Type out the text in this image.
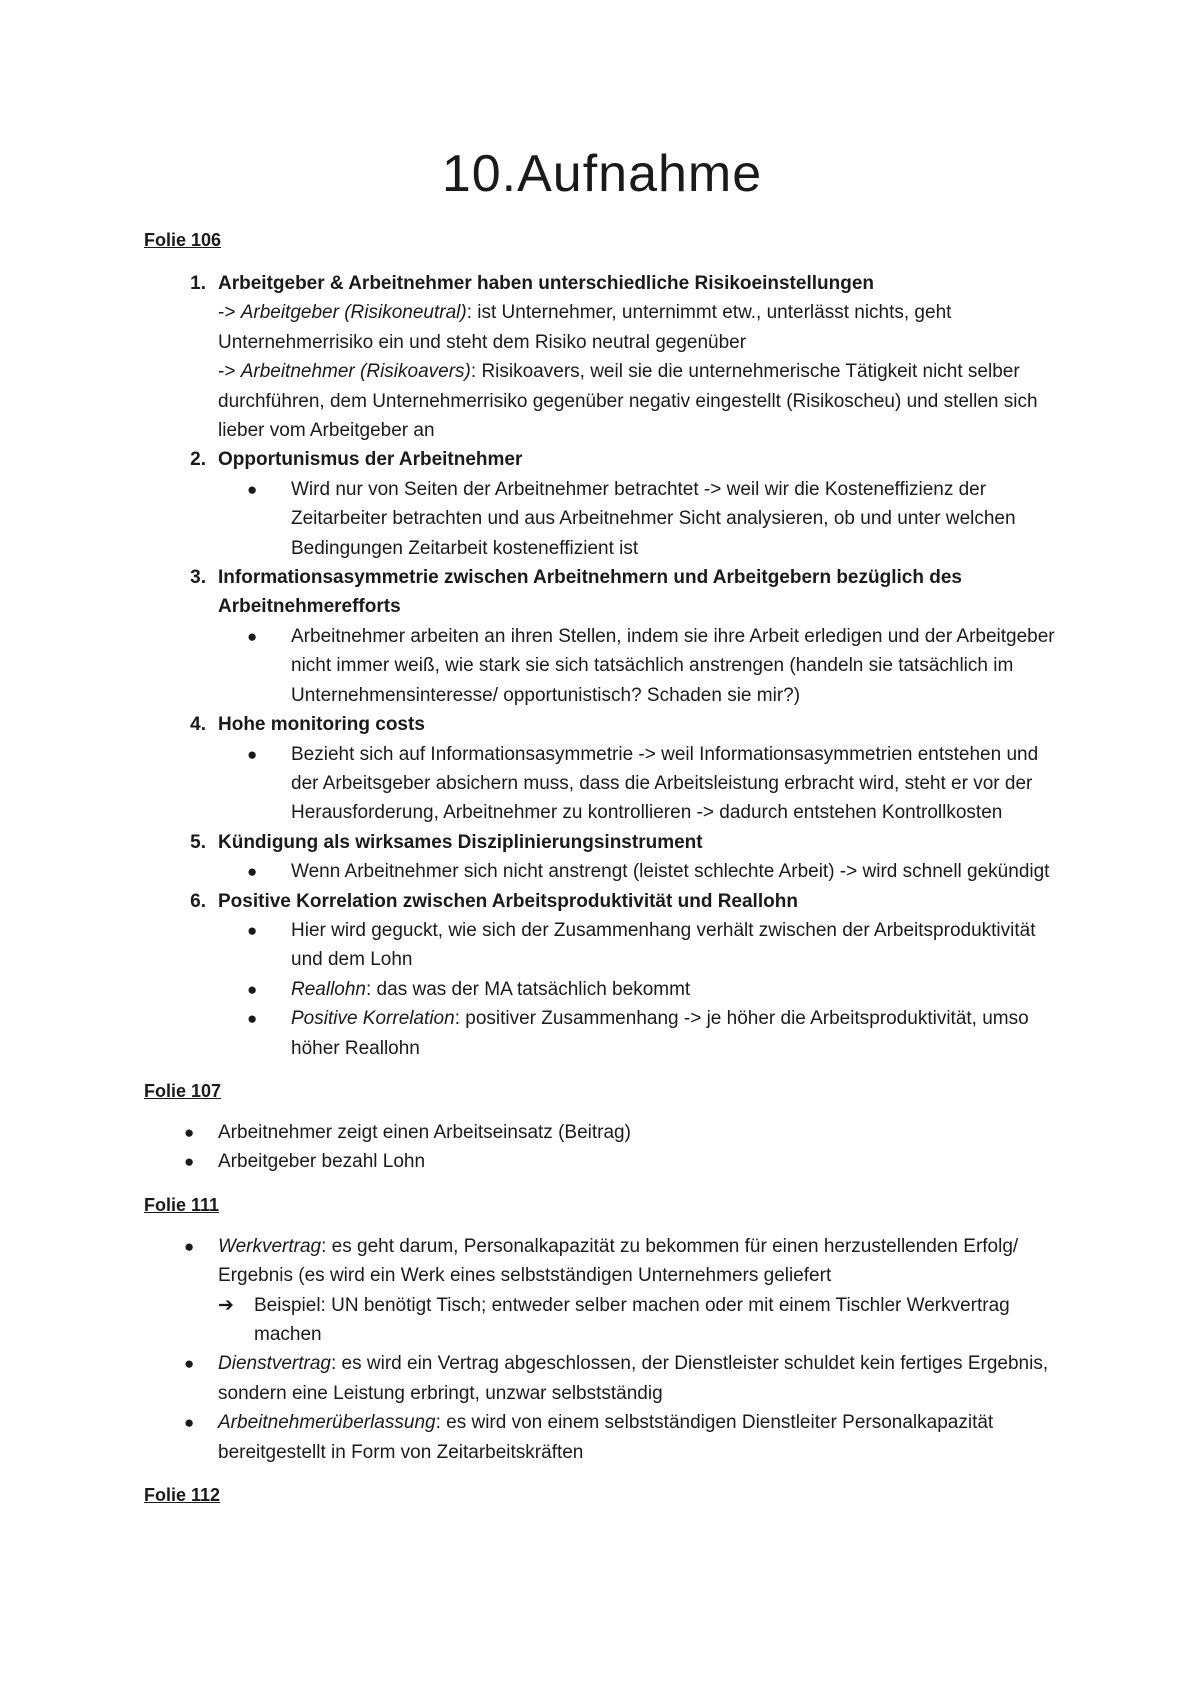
10.Aufnahme
Folie 106
1. Arbeitgeber & Arbeitnehmer haben unterschiedliche Risikoeinstellungen
-> Arbeitgeber (Risikoneutral): ist Unternehmer, unternimmt etw., unterlässt nichts, geht Unternehmerrisiko ein und steht dem Risiko neutral gegenüber
-> Arbeitnehmer (Risikoavers): Risikoavers, weil sie die unternehmerische Tätigkeit nicht selber durchführen, dem Unternehmerrisiko gegenüber negativ eingestellt (Risikoscheu) und stellen sich lieber vom Arbeitgeber an
2. Opportunismus der Arbeitnehmer
● Wird nur von Seiten der Arbeitnehmer betrachtet -> weil wir die Kosteneffizienz der Zeitarbeiter betrachten und aus Arbeitnehmer Sicht analysieren, ob und unter welchen Bedingungen Zeitarbeit kosteneffizient ist
3. Informationsasymmetrie zwischen Arbeitnehmern und Arbeitgebern bezüglich des Arbeitnehmerefforts
● Arbeitnehmer arbeiten an ihren Stellen, indem sie ihre Arbeit erledigen und der Arbeitgeber nicht immer weiß, wie stark sie sich tatsächlich anstrengen (handeln sie tatsächlich im Unternehmensinteresse/ opportunistisch? Schaden sie mir?)
4. Hohe monitoring costs
● Bezieht sich auf Informationsasymmetrie -> weil Informationsasymmetrien entstehen und der Arbeitsgeber absichern muss, dass die Arbeitsleistung erbracht wird, steht er vor der Herausforderung, Arbeitnehmer zu kontrollieren -> dadurch entstehen Kontrollkosten
5. Kündigung als wirksames Disziplinierungsinstrument
● Wenn Arbeitnehmer sich nicht anstrengt (leistet schlechte Arbeit) -> wird schnell gekündigt
6. Positive Korrelation zwischen Arbeitsproduktivität und Reallohn
● Hier wird geguckt, wie sich der Zusammenhang verhält zwischen der Arbeitsproduktivität und dem Lohn
● Reallohn: das was der MA tatsächlich bekommt
● Positive Korrelation: positiver Zusammenhang -> je höher die Arbeitsproduktivität, umso höher Reallohn
Folie 107
● Arbeitnehmer zeigt einen Arbeitseinsatz (Beitrag)
● Arbeitgeber bezahl Lohn
Folie 111
● Werkvertrag: es geht darum, Personalkapazität zu bekommen für einen herzustellenden Erfolg/ Ergebnis (es wird ein Werk eines selbstständigen Unternehmers geliefert
➔ Beispiel: UN benötigt Tisch; entweder selber machen oder mit einem Tischler Werkvertrag machen
● Dienstvertrag: es wird ein Vertrag abgeschlossen, der Dienstleister schuldet kein fertiges Ergebnis, sondern eine Leistung erbringt, unzwar selbstständig
● Arbeitnehmerüberlassung: es wird von einem selbstständigen Dienstleiter Personalkapazität bereitgestellt in Form von Zeitarbeitskräften
Folie 112
